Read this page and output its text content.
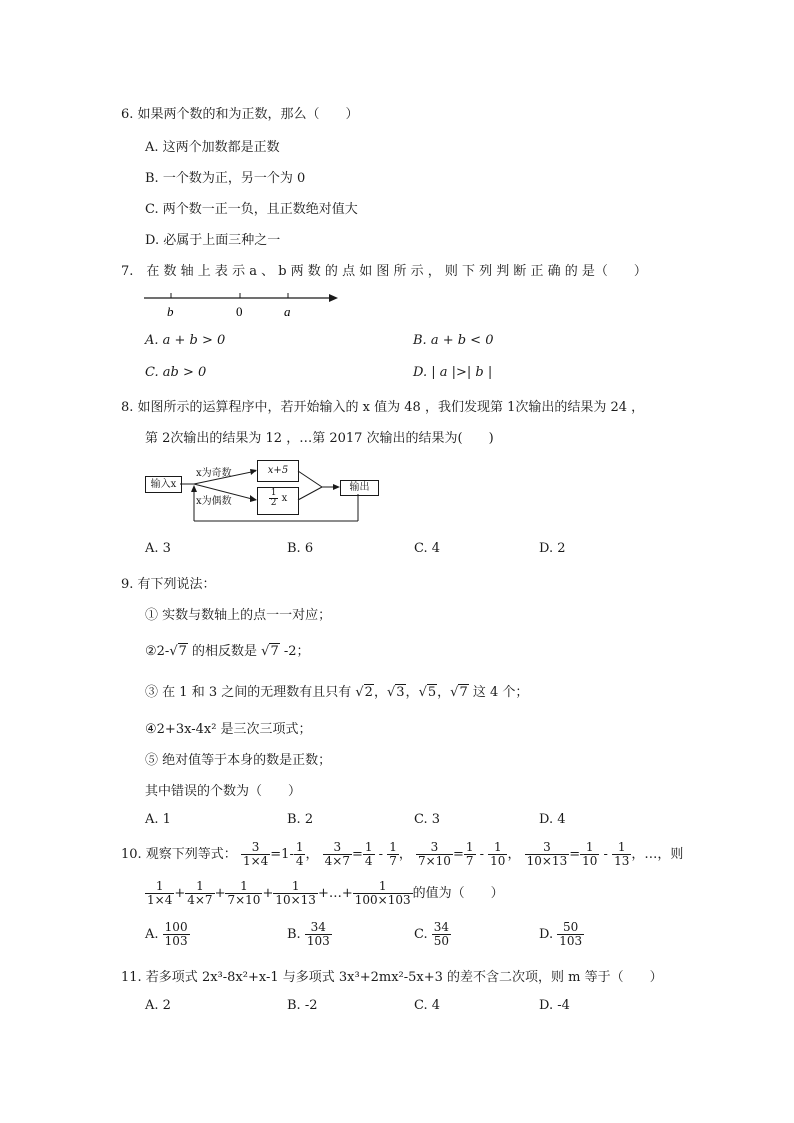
6. 如果两个数的和为正数，那么（　　）
A. 这两个加数都是正数
B. 一个数为正，另一个为 0
C. 两个数一正一负，且正数绝对值大
D. 必属于上面三种之一
7.　在 数 轴 上 表 示 a 、 b 两 数 的 点 如 图 所 示 ， 则 下 列 判 断 正 确 的 是（　　）
b	0	a
A. a + b > 0	B. a + b < 0
C. ab > 0	D. | a |>| b |
8. 如图所示的运算程序中，若开始输入的 x 值为 48 ，我们发现第 1次输出的结果为 24 ，
第 2次输出的结果为 12 ，…第 2017 次输出的结果为(　　)
输入x
x+5
$\frac{1}{2}$ x
输出
x为奇数
x为偶数
A. 3	B. 6	C. 4	D. 2
9. 有下列说法：
① 实数与数轴上的点一一对应；
②2-√7 的相反数是 √7 -2；
③ 在 1 和 3 之间的无理数有且只有 √2，√3，√5，√7 这 4 个；
④2+3x-4x² 是三次三项式；
⑤ 绝对值等于本身的数是正数；
其中错误的个数为（　　）
A. 1	B. 2	C. 3	D. 4
10. 观察下列等式： $\frac{3}{1\times 4} =1- \frac{1}{4}$ ， $\frac{3}{4\times 7} = \frac{1}{4} - \frac{1}{7}$ ， $\frac{3}{7\times 10} = \frac{1}{7} - \frac{1}{10}$ ， $\frac{3}{10\times 13} = \frac{1}{10} - \frac{1}{13}$ ，…，则
$\frac{1}{1\times 4} + \frac{1}{4\times 7} + \frac{1}{7\times 10} + \frac{1}{10\times 13}$ +…+ $\frac{1}{100\times 103}$ 的值为（　　）
A. $\frac{100}{103}$	B. $\frac{34}{103}$	C. $\frac{34}{50}$	D. $\frac{50}{103}$
11. 若多项式 2x³-8x²+x-1 与多项式 3x³+2mx²-5x+3 的差不含二次项，则 m 等于（　　）
A. 2	B. -2	C. 4	D. -4
